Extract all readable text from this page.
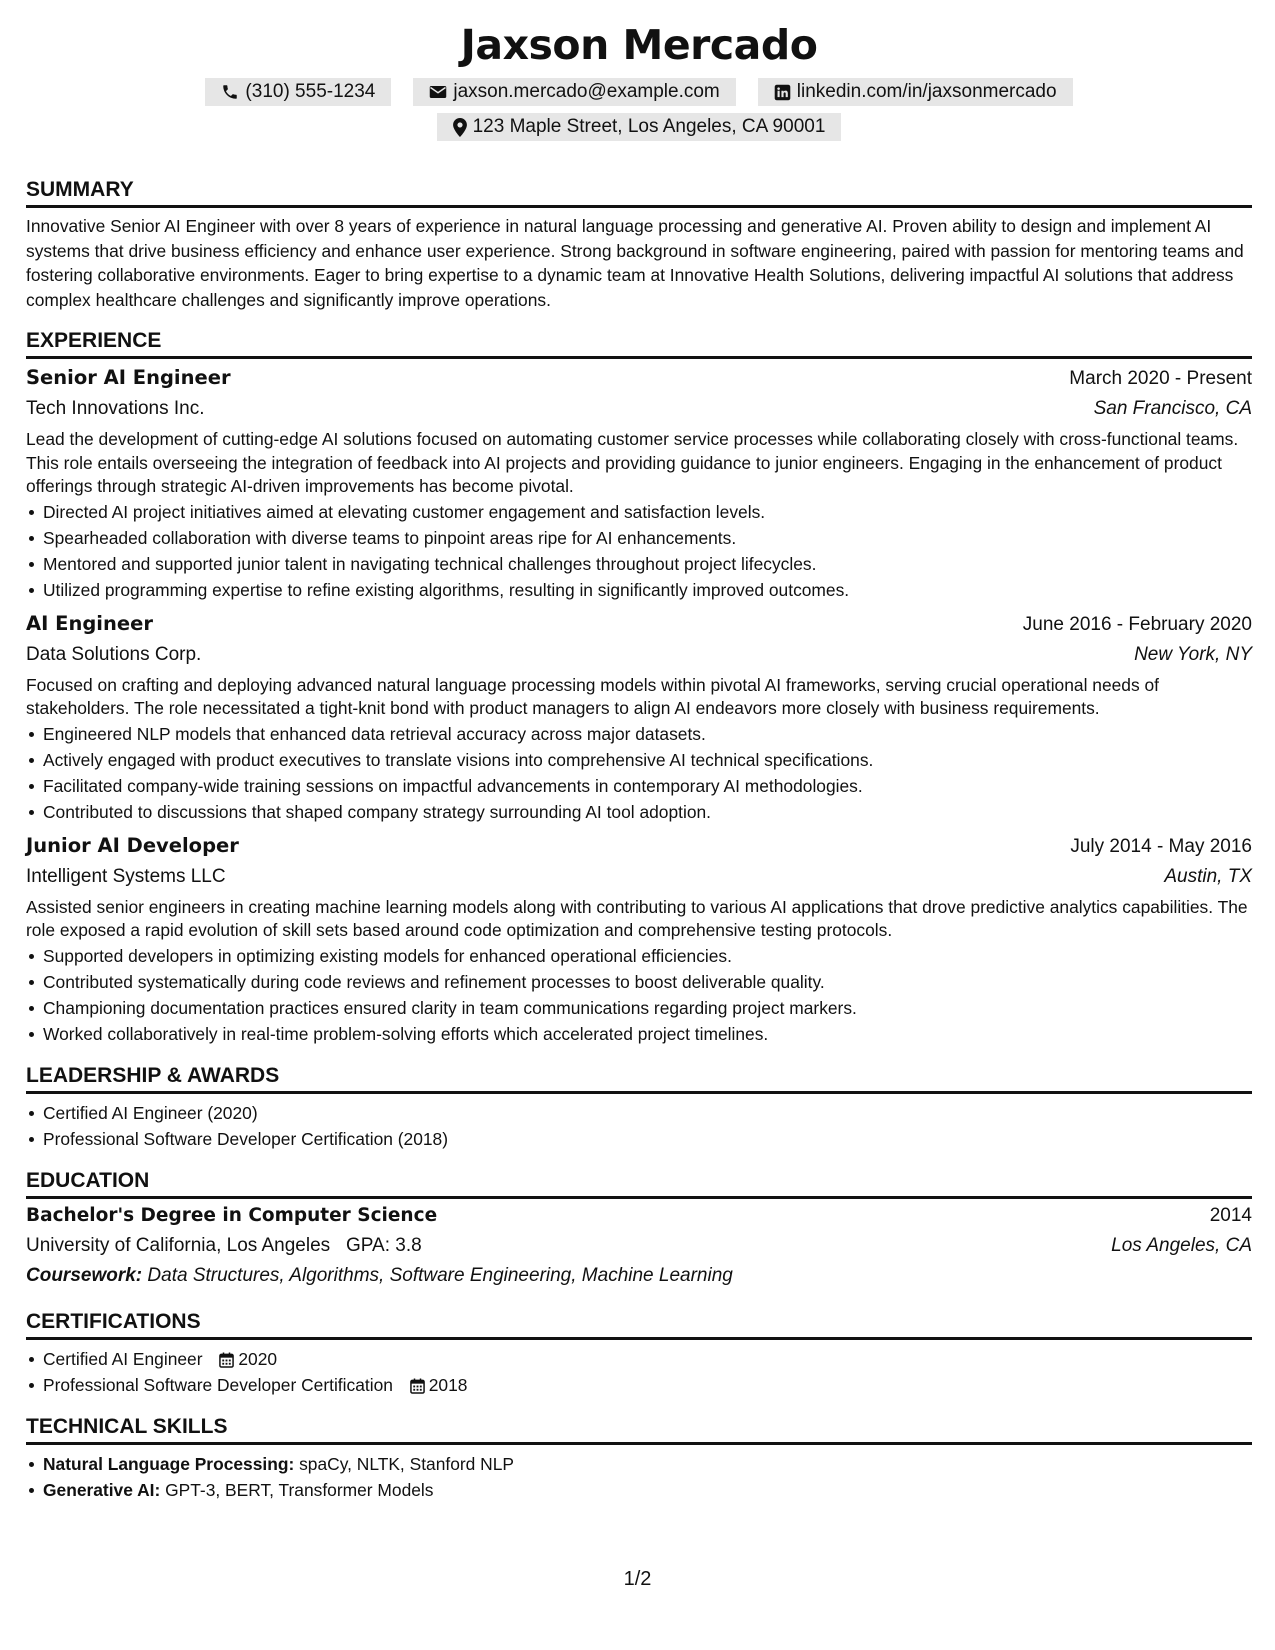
Jaxson Mercado
(310) 555-1234	jaxson.mercado@example.com	linkedin.com/in/jaxsonmercado
123 Maple Street, Los Angeles, CA 90001
SUMMARY

Innovative Senior AI Engineer with over 8 years of experience in natural language processing and generative AI. Proven ability to design and implement AI systems that drive business efficiency and enhance user experience. Strong background in software engineering, paired with passion for mentoring teams and fostering collaborative environments. Eager to bring expertise to a dynamic team at Innovative Health Solutions, delivering impactful AI solutions that address complex healthcare challenges and significantly improve operations.

EXPERIENCE
Senior AI Engineer	March 2020 - Present
Tech Innovations Inc.	San Francisco, CA

Lead the development of cutting-edge AI solutions focused on automating customer service processes while collaborating closely with cross-functional teams. This role entails overseeing the integration of feedback into AI projects and providing guidance to junior engineers. Engaging in the enhancement of product offerings through strategic AI-driven improvements has become pivotal.

Directed AI project initiatives aimed at elevating customer engagement and satisfaction levels.
Spearheaded collaboration with diverse teams to pinpoint areas ripe for AI enhancements.
Mentored and supported junior talent in navigating technical challenges throughout project lifecycles.
Utilized programming expertise to refine existing algorithms, resulting in significantly improved outcomes.
AI Engineer	June 2016 - February 2020
Data Solutions Corp.	New York, NY

Focused on crafting and deploying advanced natural language processing models within pivotal AI frameworks, serving crucial operational needs of stakeholders. The role necessitated a tight-knit bond with product managers to align AI endeavors more closely with business requirements.

Engineered NLP models that enhanced data retrieval accuracy across major datasets.
Actively engaged with product executives to translate visions into comprehensive AI technical specifications.
Facilitated company-wide training sessions on impactful advancements in contemporary AI methodologies.
Contributed to discussions that shaped company strategy surrounding AI tool adoption.
Junior AI Developer	July 2014 - May 2016
Intelligent Systems LLC	Austin, TX

Assisted senior engineers in creating machine learning models along with contributing to various AI applications that drove predictive analytics capabilities. The role exposed a rapid evolution of skill sets based around code optimization and comprehensive testing protocols.

Supported developers in optimizing existing models for enhanced operational efficiencies.
Contributed systematically during code reviews and refinement processes to boost deliverable quality.
Championing documentation practices ensured clarity in team communications regarding project markers.
Worked collaboratively in real-time problem-solving efforts which accelerated project timelines.
LEADERSHIP & AWARDS
Certified AI Engineer (2020)
Professional Software Developer Certification (2018)
EDUCATION
Bachelor's Degree in Computer Science	2014
University of California, Los Angeles GPA: 3.8	Los Angeles, CA
Coursework: Data Structures, Algorithms, Software Engineering, Machine Learning
CERTIFICATIONS
Certified AI Engineer 2020
Professional Software Developer Certification 2018
TECHNICAL SKILLS
Natural Language Processing: spaCy, NLTK, Stanford NLP
Generative AI: GPT-3, BERT, Transformer Models
1/2
